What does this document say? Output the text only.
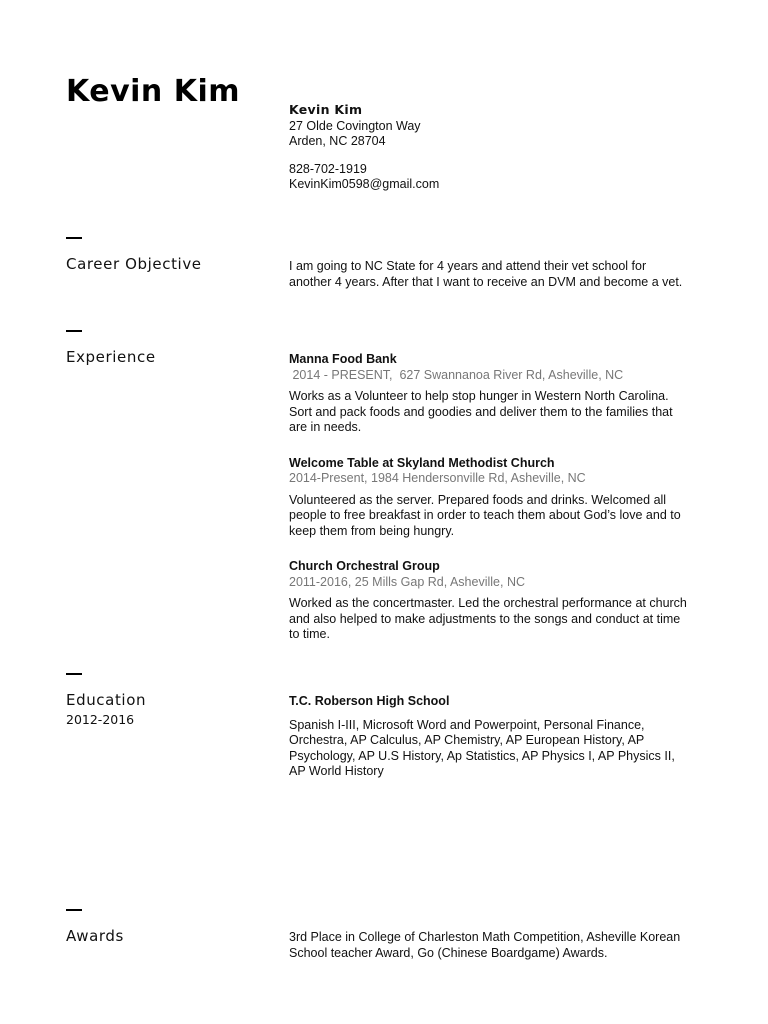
Kevin Kim
Kevin Kim
27 Olde Covington Way
Arden, NC 28704
828-702-1919
KevinKim0598@gmail.com
Career Objective	I am going to NC State for 4 years and attend their vet school for another 4 years. After that I want to receive an DVM and become a vet.

Experience	Manna Food Bank
2014 - PRESENT,  627 Swannanoa River Rd, Asheville, NC

Works as a Volunteer to help stop hunger in Western North Carolina. Sort and pack foods and goodies and deliver them to the families that are in needs.

Welcome Table at Skyland Methodist Church
2014-Present, 1984 Hendersonville Rd, Asheville, NC

Volunteered as the server. Prepared foods and drinks. Welcomed all people to free breakfast in order to teach them about God’s love and to keep them from being hungry.

Church Orchestral Group
2011-2016, 25 Mills Gap Rd, Asheville, NC

Worked as the concertmaster. Led the orchestral performance at church and also helped to make adjustments to the songs and conduct at time to time.

Education
2012-2016
T.C. Roberson High School

Spanish I-III, Microsoft Word and Powerpoint, Personal Finance, Orchestra, AP Calculus, AP Chemistry, AP European History, AP Psychology, AP U.S History, Ap Statistics, AP Physics I, AP Physics II, AP World History

Awards	3rd Place in College of Charleston Math Competition, Asheville Korean School teacher Award, Go (Chinese Boardgame) Awards.
